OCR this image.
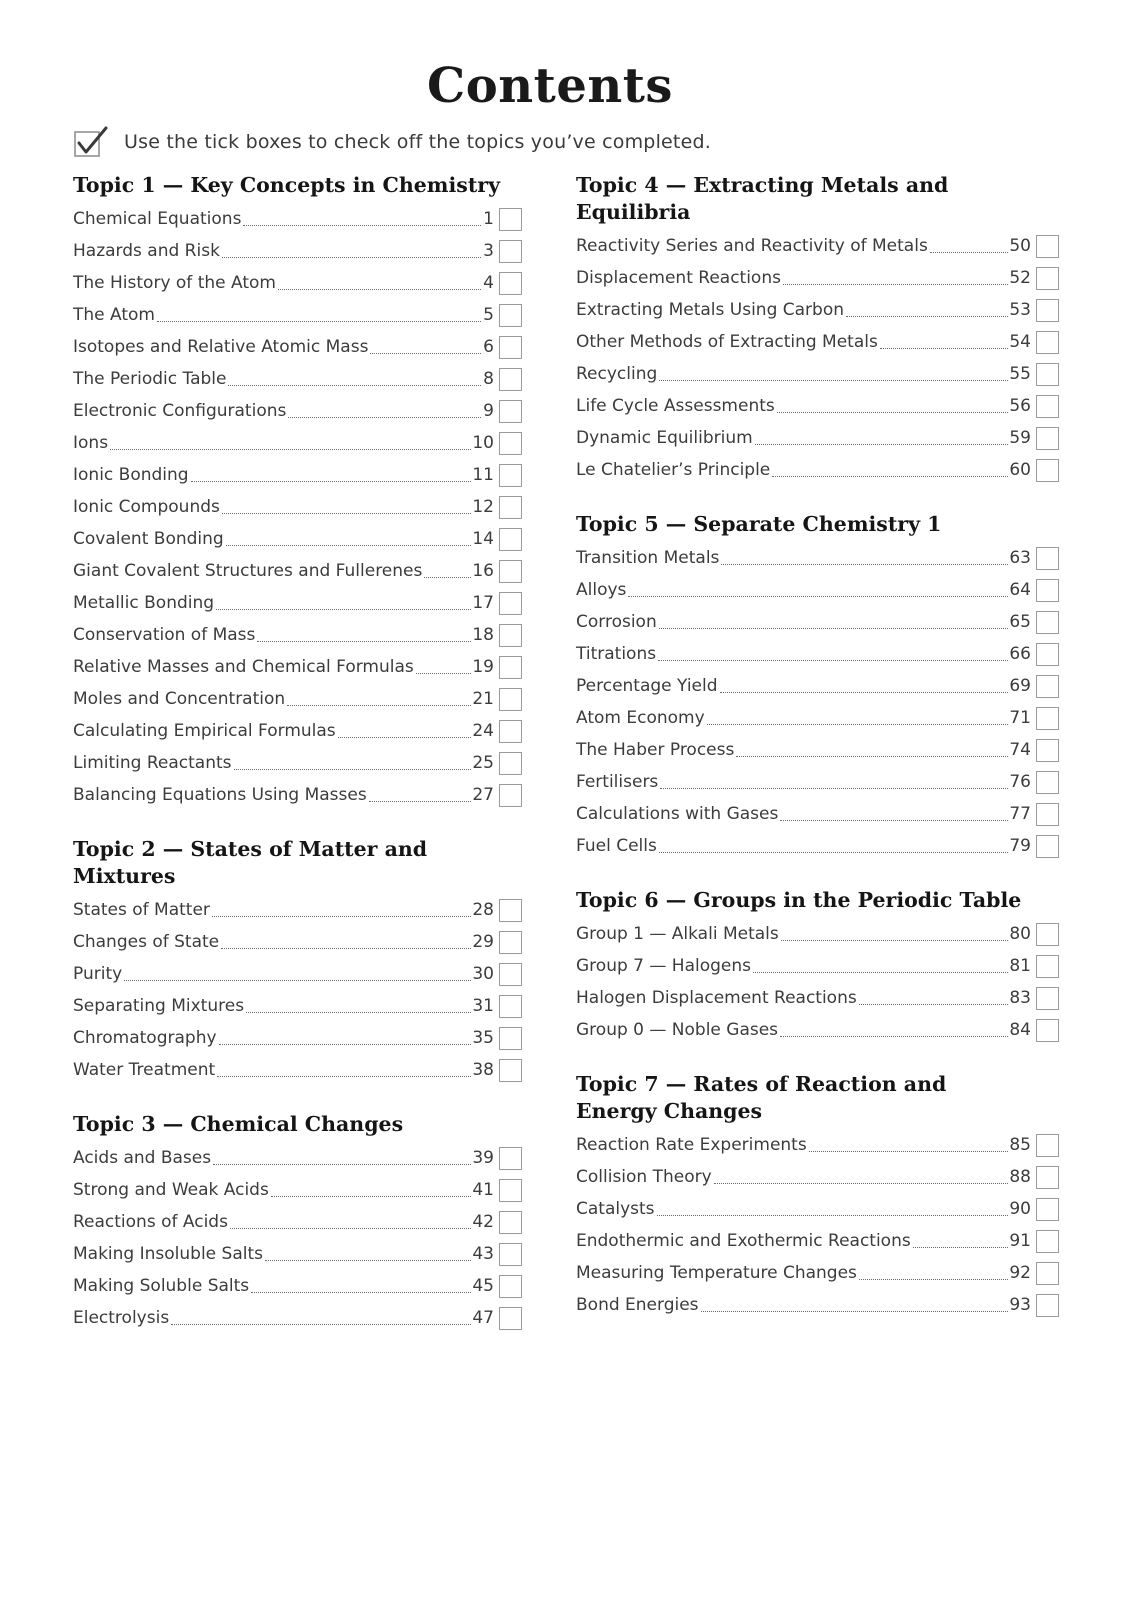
Contents
Use the tick boxes to check off the topics you’ve completed.
Topic 1 — Key Concepts in Chemistry
Chemical Equations	1
Hazards and Risk	3
The History of the Atom	4
The Atom	5
Isotopes and Relative Atomic Mass	6
The Periodic Table	8
Electronic Configurations	9
Ions	10
Ionic Bonding	11
Ionic Compounds	12
Covalent Bonding	14
Giant Covalent Structures and Fullerenes	16
Metallic Bonding	17
Conservation of Mass	18
Relative Masses and Chemical Formulas	19
Moles and Concentration	21
Calculating Empirical Formulas	24
Limiting Reactants	25
Balancing Equations Using Masses	27
Topic 2 — States of Matter and Mixtures
States of Matter	28
Changes of State	29
Purity	30
Separating Mixtures	31
Chromatography	35
Water Treatment	38
Topic 3 — Chemical Changes
Acids and Bases	39
Strong and Weak Acids	41
Reactions of Acids	42
Making Insoluble Salts	43
Making Soluble Salts	45
Electrolysis	47
Topic 4 — Extracting Metals and Equilibria
Reactivity Series and Reactivity of Metals	50
Displacement Reactions	52
Extracting Metals Using Carbon	53
Other Methods of Extracting Metals	54
Recycling	55
Life Cycle Assessments	56
Dynamic Equilibrium	59
Le Chatelier’s Principle	60
Topic 5 — Separate Chemistry 1
Transition Metals	63
Alloys	64
Corrosion	65
Titrations	66
Percentage Yield	69
Atom Economy	71
The Haber Process	74
Fertilisers	76
Calculations with Gases	77
Fuel Cells	79
Topic 6 — Groups in the Periodic Table
Group 1 — Alkali Metals	80
Group 7 — Halogens	81
Halogen Displacement Reactions	83
Group 0 — Noble Gases	84
Topic 7 — Rates of Reaction and
Energy Changes
Reaction Rate Experiments	85
Collision Theory	88
Catalysts	90
Endothermic and Exothermic Reactions	91
Measuring Temperature Changes	92
Bond Energies	93
